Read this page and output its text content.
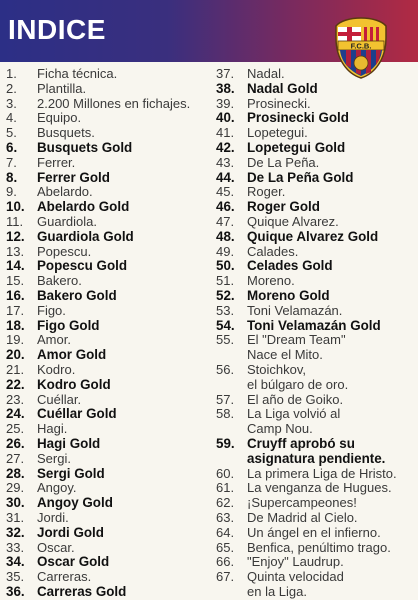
INDICE
F.C.B.
1.	Ficha técnica.
2.	Plantilla.
3.	2.200 Millones en fichajes.
4.	Equipo.
5.	Busquets.
6.	Busquets Gold
7.	Ferrer.
8.	Ferrer Gold
9.	Abelardo.
10. Abelardo Gold
11.	Guardiola.
12. Guardiola Gold
13. Popescu.
14. Popescu Gold
15. Bakero.
16. Bakero Gold
17. Figo.
18. Figo Gold
19. Amor.
20. Amor Gold
21. Kodro.
22. Kodro Gold
23. Cuéllar.
24. Cuéllar Gold
25. Hagi.
26. Hagi Gold
27. Sergi.
28. Sergi Gold
29. Angoy.
30. Angoy Gold
31. Jordi.
32. Jordi Gold
33. Oscar.
34. Oscar Gold
35. Carreras.
36. Carreras Gold
37. Nadal.
38. Nadal Gold
39. Prosinecki.
40. Prosinecki Gold
41. Lopetegui.
42. Lopetegui Gold
43. De La Peña.
44. De La Peña Gold
45. Roger.
46. Roger Gold
47. Quique Alvarez.
48. Quique Alvarez Gold
49. Calades.
50. Celades Gold
51. Moreno.
52. Moreno Gold
53. Toni Velamazán.
54. Toni Velamazán Gold
55. El "Dream Team"
Nace el Mito.
56. Stoichkov,
el búlgaro de oro.
57. El año de Goiko.
58. La Liga volvió al
Camp Nou.
59. Cruyff aprobó su
asignatura pendiente.
60. La primera Liga de Hristo.
61. La venganza de Hugues.
62. ¡Supercampeones!
63. De Madrid al Cielo.
64. Un ángel en el infierno.
65. Benfica, penúltimo trago.
66. "Enjoy" Laudrup.
67. Quinta velocidad
en la Liga.
